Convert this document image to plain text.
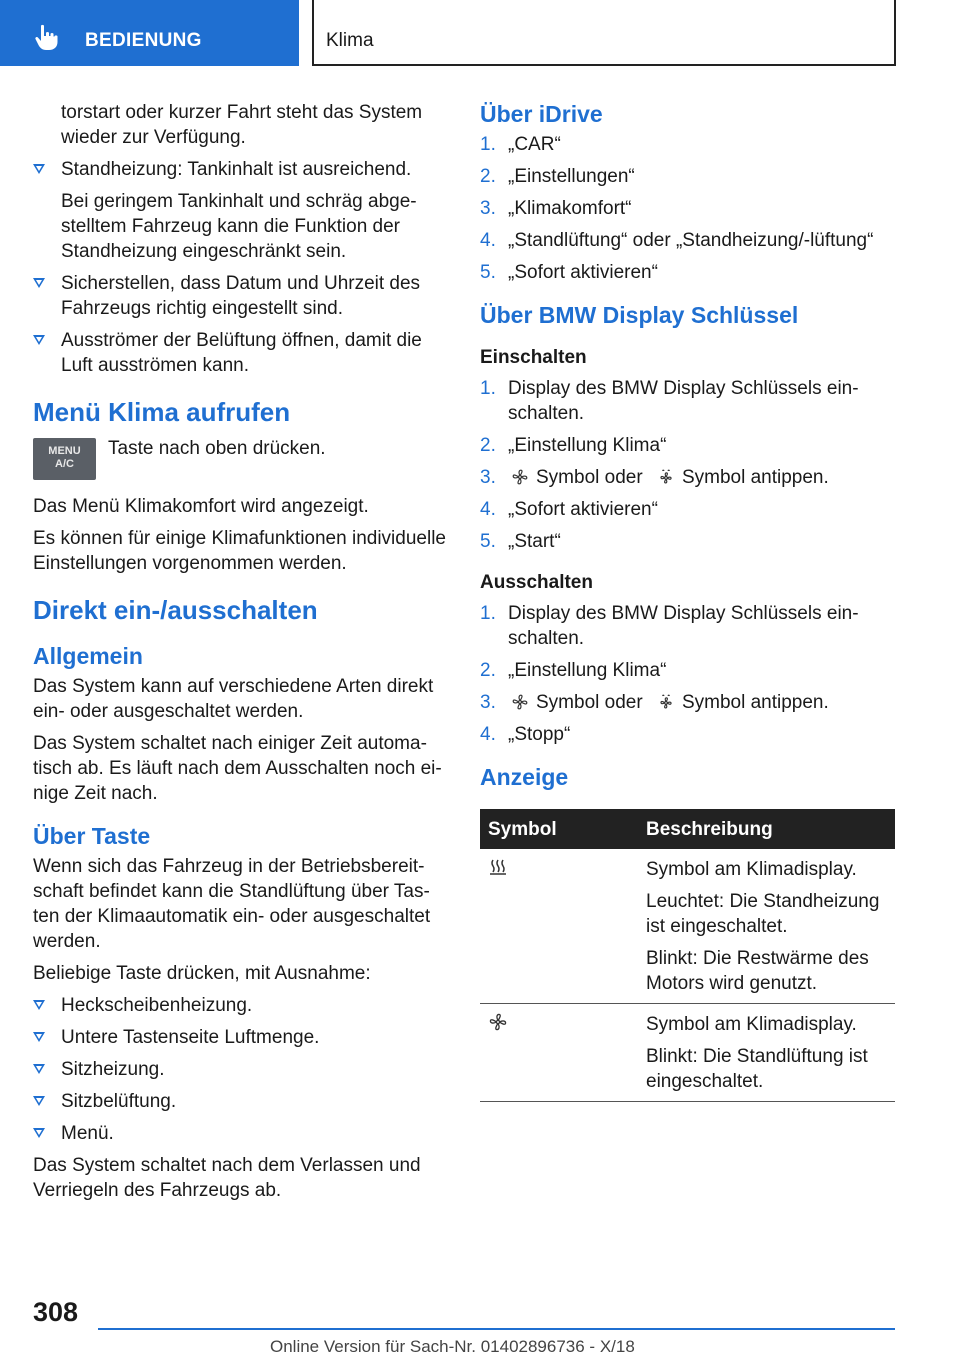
BEDIENUNG	Klima

torstart oder kurzer Fahrt steht das System wieder zur Verfügung.

Standheizung: Tankinhalt ist ausreichend.

Bei geringem Tankinhalt und schräg abge-stelltem Fahrzeug kann die Funktion der Standheizung eingeschränkt sein.

Sicherstellen, dass Datum und Uhrzeit des Fahrzeugs richtig eingestellt sind.
Ausströmer der Belüftung öffnen, damit die Luft ausströmen kann.
Menü Klima aufrufen
MENU
A/C
Taste nach oben drücken.

Das Menü Klimakomfort wird angezeigt.

Es können für einige Klimafunktionen individuelle Einstellungen vorgenommen werden.

Direkt ein-/ausschalten
Allgemein

Das System kann auf verschiedene Arten direkt ein- oder ausgeschaltet werden.

Das System schaltet nach einiger Zeit automa-tisch ab. Es läuft nach dem Ausschalten noch ei-nige Zeit nach.

Über Taste

Wenn sich das Fahrzeug in der Betriebsbereit-schaft befindet kann die Standlüftung über Tas-ten der Klimaautomatik ein- oder ausgeschaltet werden.

Beliebige Taste drücken, mit Ausnahme:

Heckscheibenheizung.
Untere Tastenseite Luftmenge.
Sitzheizung.
Sitzbelüftung.
Menü.

Das System schaltet nach dem Verlassen und Verriegeln des Fahrzeugs ab.

Über iDrive
1. „CAR“
2. „Einstellungen“
3. „Klimakomfort“
4. „Standlüftung“ oder „Standheizung/-lüftung“
5. „Sofort aktivieren“
Über BMW Display Schlüssel
Einschalten
1. Display des BMW Display Schlüssels ein-schalten.
2. „Einstellung Klima“
3.	Symbol oder Symbol antippen.
4. „Sofort aktivieren“
5. „Start“
Ausschalten
1. Display des BMW Display Schlüssels ein-schalten.
2. „Einstellung Klima“
3.	Symbol oder Symbol antippen.
4. „Stopp“
Anzeige
Symbol	Beschreibung

Symbol am Klimadisplay.

Leuchtet: Die Standheizung ist eingeschaltet.

Blinkt: Die Restwärme des Motors wird genutzt.

Symbol am Klimadisplay.

Blinkt: Die Standlüftung ist eingeschaltet.

308
Online Version für Sach-Nr. 01402896736 - X/18
